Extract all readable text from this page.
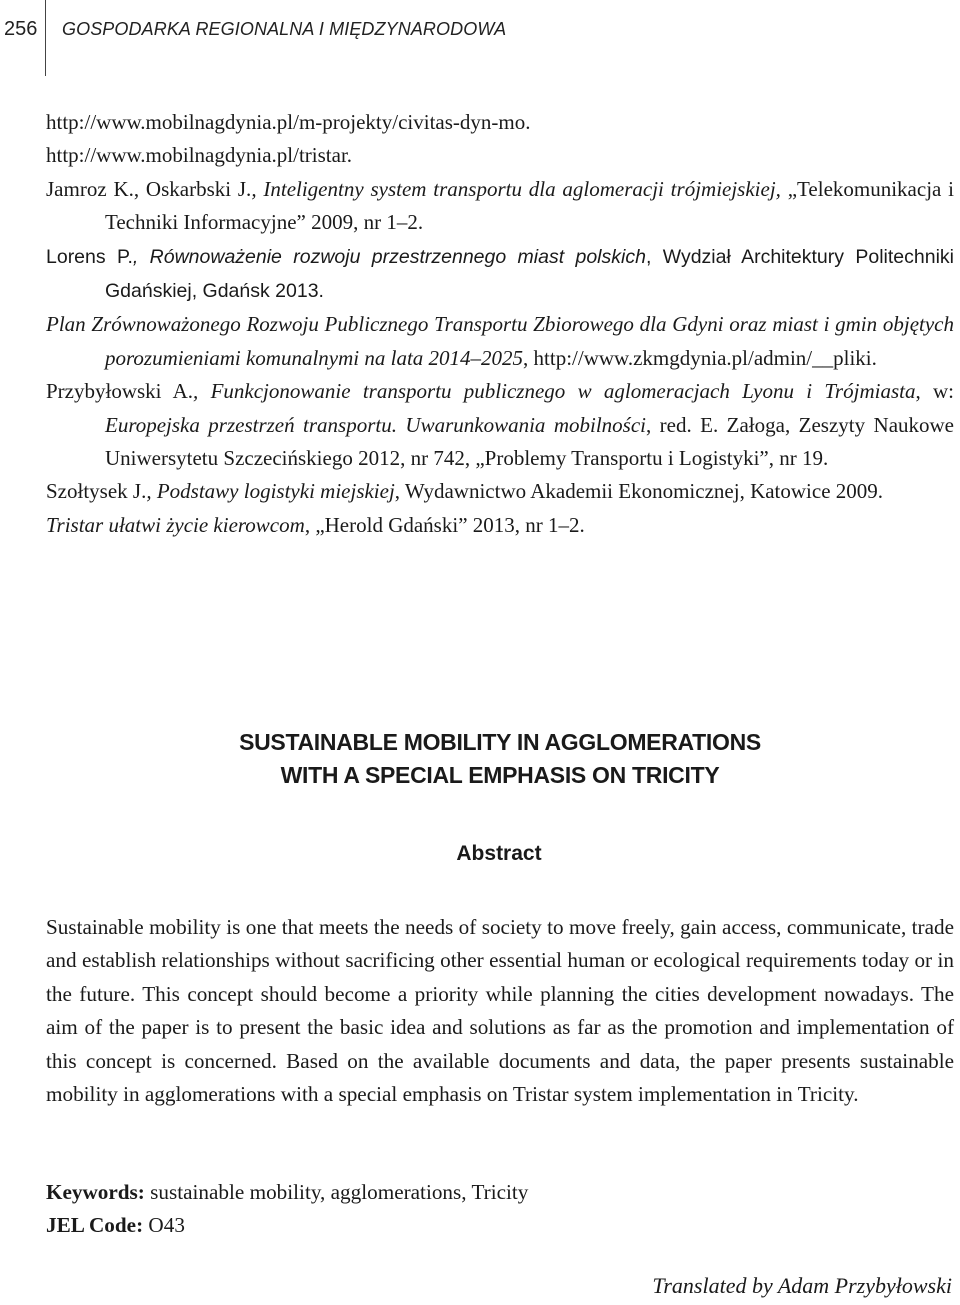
256 GOSPODARKA REGIONALNA I MIĘDZYNARODOWA

http://www.mobilnagdynia.pl/m-projekty/civitas-dyn-mo.

http://www.mobilnagdynia.pl/tristar.

Jamroz K., Oskarbski J., Inteligentny system transportu dla aglomeracji trójmiejskiej, „Telekomunikacja i Techniki Informacyjne” 2009, nr 1–2.

Lorens P., Równoważenie rozwoju przestrzennego miast polskich, Wydział Architektury Politechniki Gdańskiej, Gdańsk 2013.

Plan Zrównoważonego Rozwoju Publicznego Transportu Zbiorowego dla Gdyni oraz miast i gmin objętych porozumieniami komunalnymi na lata 2014–2025, http://www.zkmgdynia.pl/admin/__pliki.

Przybyłowski A., Funkcjonowanie transportu publicznego w aglomeracjach Lyonu i Trójmiasta, w: Europejska przestrzeń transportu. Uwarunkowania mobilności, red. E. Załoga, Zeszyty Naukowe Uniwersytetu Szczecińskiego 2012, nr 742, „Problemy Transportu i Logistyki”, nr 19.

Szołtysek J., Podstawy logistyki miejskiej, Wydawnictwo Akademii Ekonomicznej, Katowice 2009.

Tristar ułatwi życie kierowcom, „Herold Gdański” 2013, nr 1–2.

SUSTAINABLE MOBILITY IN AGGLOMERATIONS
WITH A SPECIAL EMPHASIS ON TRICITY
Abstract

Sustainable mobility is one that meets the needs of society to move freely, gain access, communicate, trade and establish relationships without sacrificing other essential human or ecological requirements today or in the future. This concept should become a priority while planning the cities development nowadays. The aim of the paper is to present the basic idea and solutions as far as the promotion and implementation of this concept is concerned. Based on the available documents and data, the paper presents sustainable mobility in agglomerations with a special emphasis on Tristar system implementation in Tricity.

Keywords: sustainable mobility, agglomerations, Tricity
JEL Code: O43
Translated by Adam Przybyłowski
